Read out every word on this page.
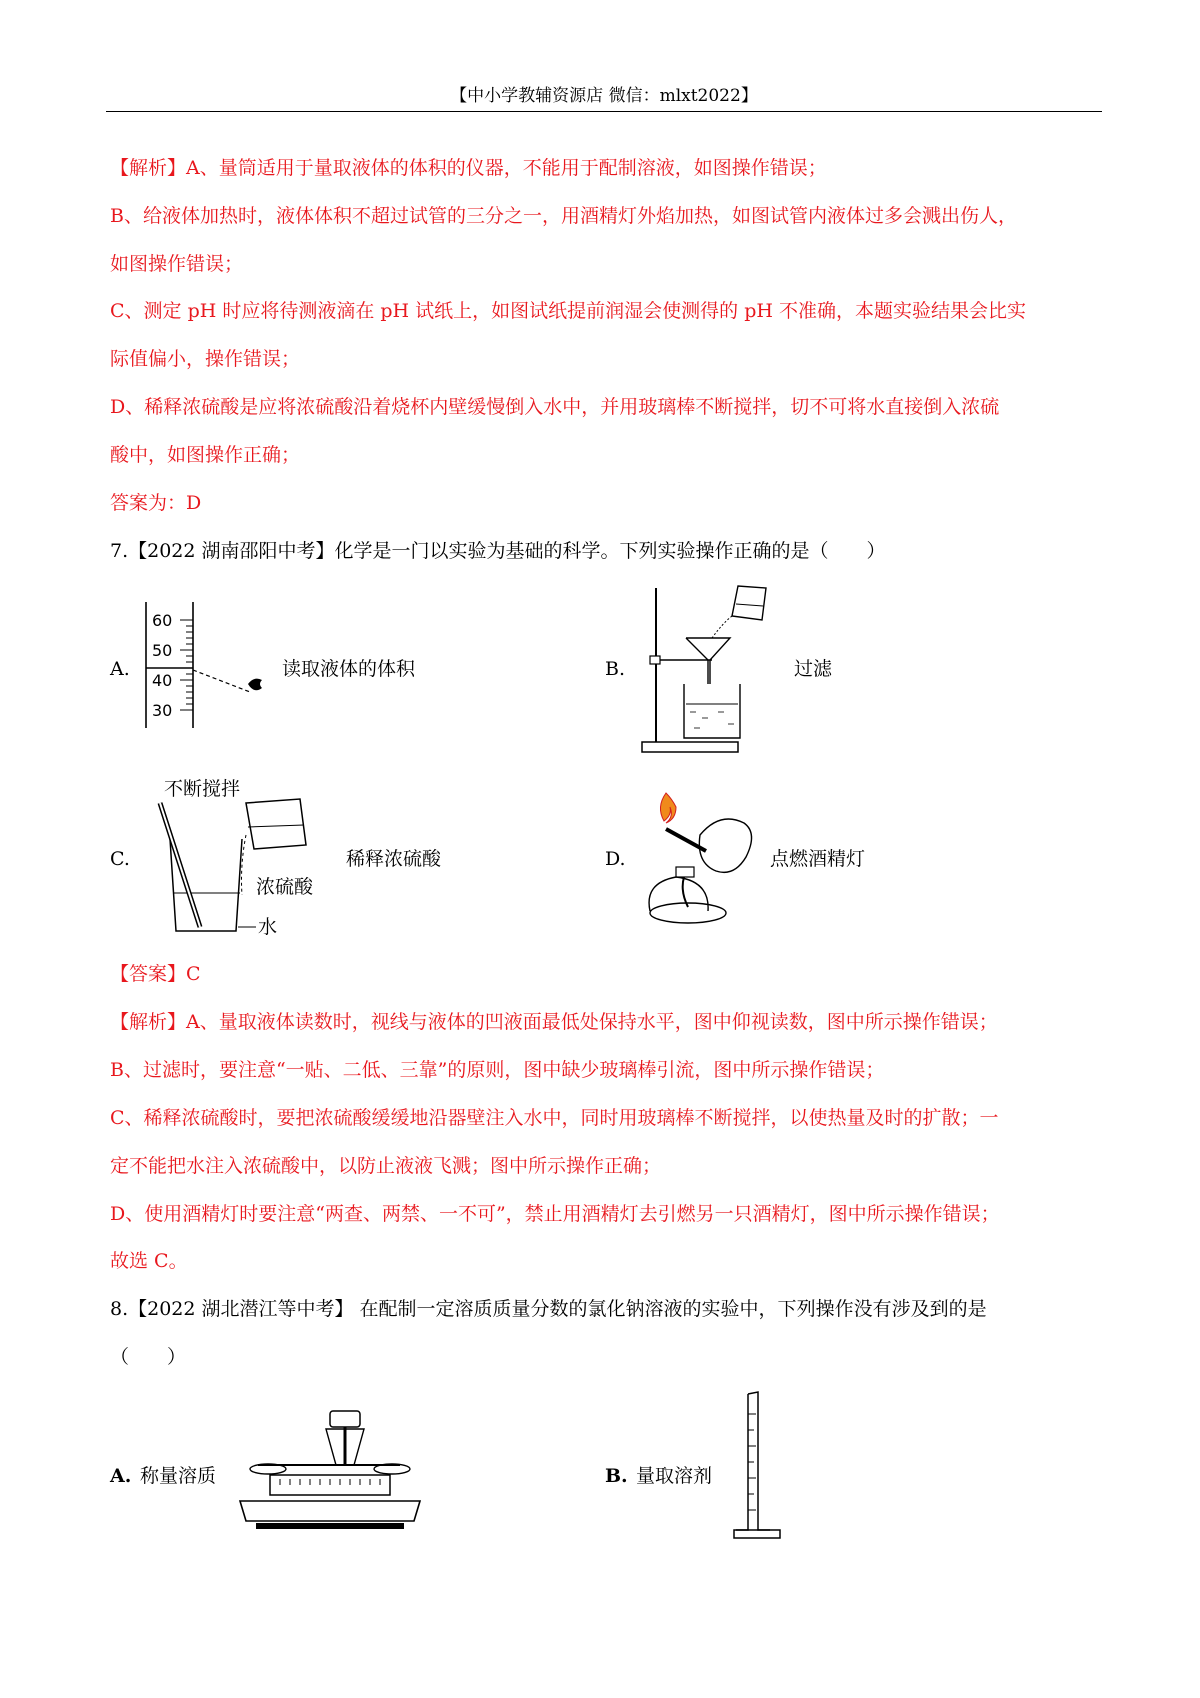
【中小学教辅资源店 微信：mlxt2022】
【解析】A、量筒适用于量取液体的体积的仪器，不能用于配制溶液，如图操作错误；
B、给液体加热时，液体体积不超过试管的三分之一，用酒精灯外焰加热，如图试管内液体过多会溅出伤人，
如图操作错误；
C、测定 pH 时应将待测液滴在 pH 试纸上，如图试纸提前润湿会使测得的 pH 不准确，本题实验结果会比实
际值偏小，操作错误；
D、稀释浓硫酸是应将浓硫酸沿着烧杯内壁缓慢倒入水中，并用玻璃棒不断搅拌，切不可将水直接倒入浓硫
酸中，如图操作正确；
答案为：D
7.【2022 湖南邵阳中考】化学是一门以实验为基础的科学。下列实验操作正确的是（　　）
A.
60
50
40
30
读取液体的体积	B.	过滤
C.
不断搅拌
浓硫酸
水
稀释浓硫酸	D.	点燃酒精灯
【答案】C
【解析】A、量取液体读数时，视线与液体的凹液面最低处保持水平，图中仰视读数，图中所示操作错误；
B、过滤时，要注意“一贴、二低、三靠”的原则，图中缺少玻璃棒引流，图中所示操作错误；
C、稀释浓硫酸时，要把浓硫酸缓缓地沿器壁注入水中，同时用玻璃棒不断搅拌，以使热量及时的扩散；一
定不能把水注入浓硫酸中，以防止液液飞溅；图中所示操作正确；
D、使用酒精灯时要注意“两查、两禁、一不可”，禁止用酒精灯去引燃另一只酒精灯，图中所示操作错误；
故选 C。
8.【2022 湖北潜江等中考】 在配制一定溶质质量分数的氯化钠溶液的实验中，下列操作没有涉及到的是
（　　）
A. 称量溶质	B. 量取溶剂
